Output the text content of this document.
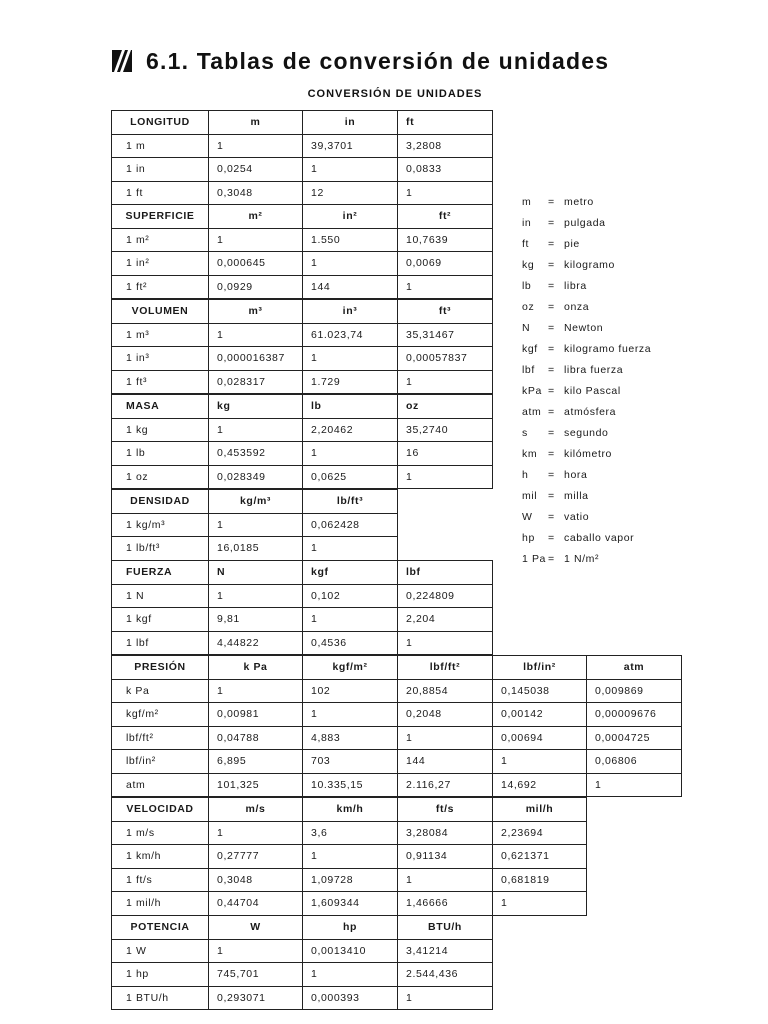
6.1. Tablas de conversión de unidades
CONVERSIÓN DE UNIDADES
LONGITUD	m	in	ft
1 m	1	39,3701	3,2808
1 in	0,0254	1	0,0833
1 ft	0,3048	12	1
SUPERFICIE	m²	in²	ft²
1 m²	1	1.550	10,7639
1 in²	0,000645	1	0,0069
1 ft²	0,0929	144	1
VOLUMEN	m³	in³	ft³
1 m³	1	61.023,74	35,31467
1 in³	0,000016387	1	0,00057837
1 ft³	0,028317	1.729	1
MASA	kg	lb	oz
1 kg	1	2,20462	35,2740
1 lb	0,453592	1	16
1 oz	0,028349	0,0625	1
DENSIDAD	kg/m³	lb/ft³	
1 kg/m³	1	0,062428	
1 lb/ft³	16,0185	1	
FUERZA	N	kgf	lbf
1 N	1	0,102	0,224809
1 kgf	9,81	1	2,204
1 lbf	4,44822	0,4536	1
PRESIÓN	k Pa	kgf/m²	lbf/ft²	lbf/in²	atm
k Pa	1	102	20,8854	0,145038	0,009869
kgf/m²	0,00981	1	0,2048	0,00142	0,00009676
lbf/ft²	0,04788	4,883	1	0,00694	0,0004725
lbf/in²	6,895	703	144	1	0,06806
atm	101,325	10.335,15	2.116,27	14,692	1
VELOCIDAD	m/s	km/h	ft/s	mil/h
1 m/s	1	3,6	3,28084	2,23694
1 km/h	0,27777	1	0,91134	0,621371
1 ft/s	0,3048	1,09728	1	0,681819
1 mil/h	0,44704	1,609344	1,46666	1
POTENCIA	W	hp	BTU/h
1 W	1	0,0013410	3,41214
1 hp	745,701	1	2.544,436
1 BTU/h	0,293071	0,000393	1
m	= metro
in	= pulgada
ft	= pie
kg	= kilogramo
lb	= libra
oz	= onza
N	= Newton
kgf = kilogramo fuerza
lbf	= libra fuerza
kPa = kilo Pascal
atm = atmósfera
s	= segundo
km	= kilómetro
h	= hora
mil	= milla
W	= vatio
hp	= caballo vapor
1 Pa = 1 N/m²
